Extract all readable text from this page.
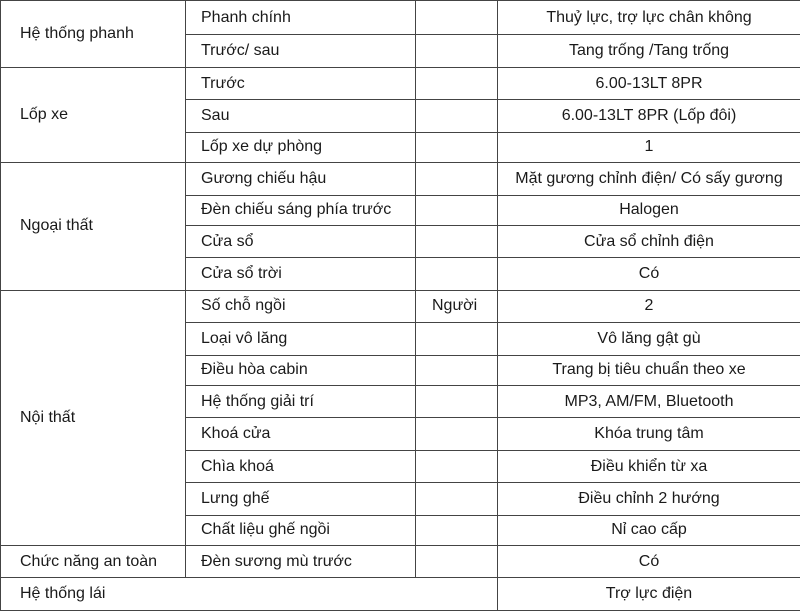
Hệ thống phanh	Phanh chính		Thuỷ lực, trợ lực chân không
	Trước/ sau		Tang trống /Tang trống
Lốp xe	Trước		6.00-13LT 8PR
	Sau		6.00-13LT 8PR (Lốp đôi)
	Lốp xe dự phòng		1
Ngoại thất	Gương chiếu hậu		Mặt gương chỉnh điện/ Có sấy gương
	Đèn chiếu sáng phía trước		Halogen
	Cửa sổ		Cửa sổ chỉnh điện
	Cửa sổ trời		Có
Nội thất	Số chỗ ngồi	Người	2
	Loại vô lăng		Vô lăng gật gù
	Điều hòa cabin		Trang bị tiêu chuẩn theo xe
	Hệ thống giải trí		MP3, AM/FM, Bluetooth
	Khoá cửa		Khóa trung tâm
	Chìa khoá		Điều khiển từ xa
	Lưng ghế		Điều chỉnh 2 hướng
	Chất liệu ghế ngồi		Nỉ cao cấp
Chức năng an toàn	Đèn sương mù trước		Có
Hệ thống lái			Trợ lực điện
